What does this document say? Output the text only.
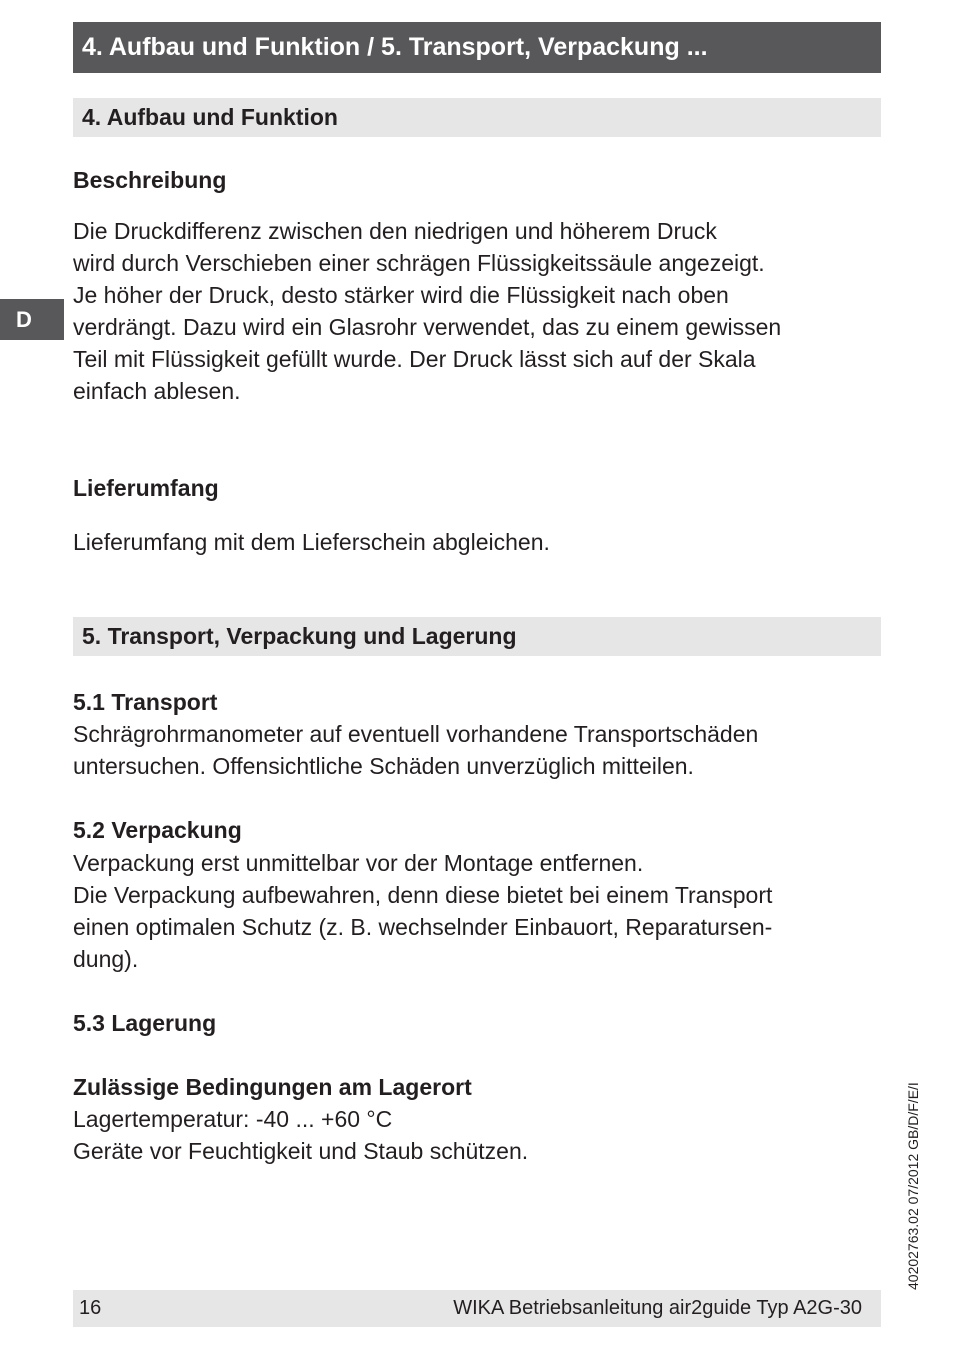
4. Aufbau und Funktion / 5. Transport, Verpackung ...
4. Aufbau und Funktion
D
Beschreibung
Die Druckdifferenz zwischen den niedrigen und höherem Druck
wird durch Verschieben einer schrägen Flüssigkeitssäule angezeigt.
Je höher der Druck, desto stärker wird die Flüssigkeit nach oben
verdrängt. Dazu wird ein Glasrohr verwendet, das zu einem gewissen
Teil mit Flüssigkeit gefüllt wurde. Der Druck lässt sich auf der Skala
einfach ablesen.
Lieferumfang
Lieferumfang mit dem Lieferschein abgleichen.
5. Transport, Verpackung und Lagerung
5.1 Transport
Schrägrohrmanometer auf eventuell vorhandene Transportschäden
untersuchen. Offensichtliche Schäden unverzüglich mitteilen.
5.2 Verpackung
Verpackung erst unmittelbar vor der Montage entfernen.
Die Verpackung aufbewahren, denn diese bietet bei einem Transport
einen optimalen Schutz (z. B. wechselnder Einbauort, Reparatursen-
dung).
5.3 Lagerung
Zulässige Bedingungen am Lagerort
Lagertemperatur: -40 ... +60 °C
Geräte vor Feuchtigkeit und Staub schützen.	40202763.02 07/2012 GB/D/F/E/I
16	WIKA Betriebsanleitung air2guide Typ A2G-30
